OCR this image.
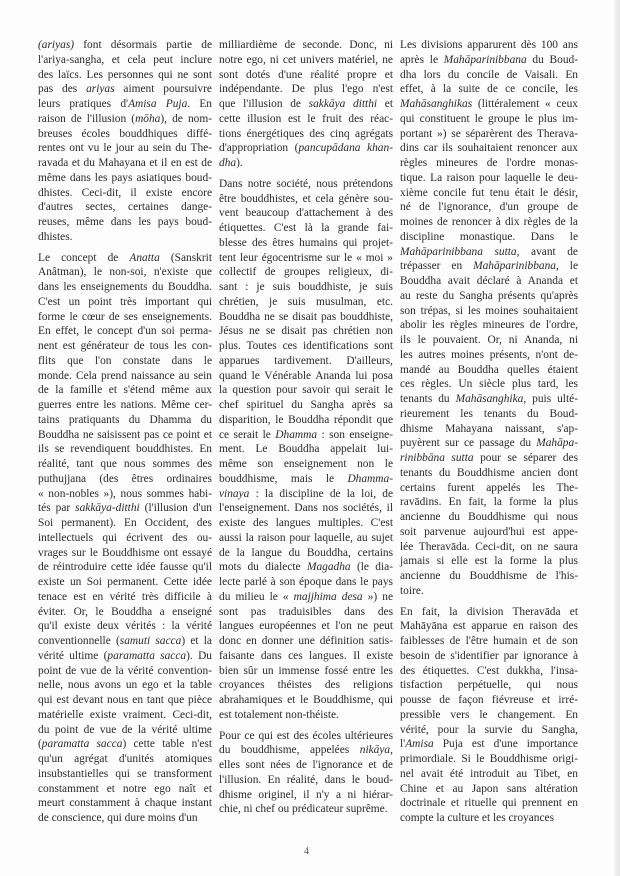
(ariyas) font désormais partie de
l'ariya-sangha, et cela peut inclure
des laïcs. Les personnes qui ne sont
pas des ariyas aiment poursuivre
leurs pratiques d'Amisa Puja. En
raison de l'illusion (mōha), de nom-
breuses écoles bouddhiques diffé-
rentes ont vu le jour au sein du The-
ravada et du Mahayana et il en est de
même dans les pays asiatiques boud-
dhistes. Ceci-dit, il existe encore
d'autres sectes, certaines dange-
reuses, même dans les pays boud-
dhistes.

Le concept de Anatta (Sanskrit
Anâtman), le non-soi, n'existe que
dans les enseignements du Bouddha.
C'est un point très important qui
forme le cœur de ses enseignements.
En effet, le concept d'un soi perma-
nent est générateur de tous les con-
flits que l'on constate dans le
monde. Cela prend naissance au sein
de la famille et s'étend même aux
guerres entre les nations. Même cer-
tains pratiquants du Dhamma du
Bouddha ne saisissent pas ce point et
ils se revendiquent bouddhistes. En
réalité, tant que nous sommes des
puthujjana (des êtres ordinaires
« non-nobles »), nous sommes habi-
tés par sakkāya-ditthi (l'illusion d'un
Soi permanent). En Occident, des
intellectuels qui écrivent des ou-
vrages sur le Bouddhisme ont essayé
de réintroduire cette idée fausse qu'il
existe un Soi permanent. Cette idée
tenace est en vérité très difficile à
éviter. Or, le Bouddha a enseigné
qu'il existe deux vérités : la vérité
conventionnelle (samuti sacca) et la
vérité ultime (paramatta sacca). Du
point de vue de la vérité convention-
nelle, nous avons un ego et la table
qui est devant nous en tant que pièce
matérielle existe vraiment. Ceci-dit,
du point de vue de la vérité ultime
(paramatta sacca) cette table n'est
qu'un agrégat d'unités atomiques
insubstantielles qui se transforment
constamment et notre ego naît et
meurt constamment à chaque instant
de conscience, qui dure moins d'un

milliardième de seconde. Donc, ni
notre ego, ni cet univers matériel, ne
sont dotés d'une réalité propre et
indépendante. De plus l'ego n'est
que l'illusion de sakkāya ditthi et
cette illusion est le fruit des réac-
tions énergétiques des cinq agrégats
d'appropriation (pancupādana khan-
dha).

Dans notre société, nous prétendons
être bouddhistes, et cela génère sou-
vent beaucoup d'attachement à des
étiquettes. C'est là la grande fai-
blesse des êtres humains qui projet-
tent leur égocentrisme sur le « moi »
collectif de groupes religieux, di-
sant : je suis bouddhiste, je suis
chrétien, je suis musulman, etc.
Bouddha ne se disait pas bouddhiste,
Jésus ne se disait pas chrétien non
plus. Toutes ces identifications sont
apparues tardivement. D'ailleurs,
quand le Vénérable Ananda lui posa
la question pour savoir qui serait le
chef spirituel du Sangha après sa
disparition, le Bouddha répondit que
ce serait le Dhamma : son enseigne-
ment. Le Bouddha appelait lui-
même son enseignement non le
bouddhisme, mais le Dhamma-
vinaya : la discipline de la loi, de
l'enseignement. Dans nos sociétés, il
existe des langues multiples. C'est
aussi la raison pour laquelle, au sujet
de la langue du Bouddha, certains
mots du dialecte Magadha (le dia-
lecte parlé à son époque dans le pays
du milieu le « majjhima desa ») ne
sont pas traduisibles dans des
langues européennes et l'on ne peut
donc en donner une définition satis-
faisante dans ces langues. Il existe
bien sûr un immense fossé entre les
croyances théistes des religions
abrahamiques et le Bouddhisme, qui
est totalement non-théiste.

Pour ce qui est des écoles ultérieures
du bouddhisme, appelées nikāya,
elles sont nées de l'ignorance et de
l'illusion. En réalité, dans le boud-
dhisme originel, il n'y a ni hiérar-
chie, ni chef ou prédicateur suprême.

Les divisions apparurent dès 100 ans
après le Mahāparinibbana du Boud-
dha lors du concile de Vaisali. En
effet, à la suite de ce concile, les
Mahāsanghikas (littéralement « ceux
qui constituent le groupe le plus im-
portant ») se séparèrent des Therava-
dins car ils souhaitaient renoncer aux
règles mineures de l'ordre monas-
tique. La raison pour laquelle le deu-
xième concile fut tenu était le désir,
né de l'ignorance, d'un groupe de
moines de renoncer à dix règles de la
discipline monastique. Dans le
Mahāparinibbana sutta, avant de
trépasser en Mahāparinibbana, le
Bouddha avait déclaré à Ananda et
au reste du Sangha présents qu'après
son trépas, si les moines souhaitaient
abolir les règles mineures de l'ordre,
ils le pouvaient. Or, ni Ananda, ni
les autres moines présents, n'ont de-
mandé au Bouddha quelles étaient
ces règles. Un siècle plus tard, les
tenants du Mahāsanghika, puis ulté-
rieurement les tenants du Boud-
dhisme Mahayana naissant, s'ap-
puyèrent sur ce passage du Mahāpa-
rinibbāna sutta pour se séparer des
tenants du Bouddhisme ancien dont
certains furent appelés les The-
ravādins. En fait, la forme la plus
ancienne du Bouddhisme qui nous
soit parvenue aujourd'hui est appe-
lée Theravāda. Ceci-dit, on ne saura
jamais si elle est la forme la plus
ancienne du Bouddhisme de l'his-
toire.

En fait, la division Theravāda et
Mahāyāna est apparue en raison des
faiblesses de l'être humain et de son
besoin de s'identifier par ignorance à
des étiquettes. C'est dukkha, l'insa-
tisfaction perpétuelle, qui nous
pousse de façon fiévreuse et irré-
pressible vers le changement. En
vérité, pour la survie du Sangha,
l'Amisa Puja est d'une importance
primordiale. Si le Bouddhisme origi-
nel avait été introduit au Tibet, en
Chine et au Japon sans altération
doctrinale et rituelle qui prennent en
compte la culture et les croyances

4
